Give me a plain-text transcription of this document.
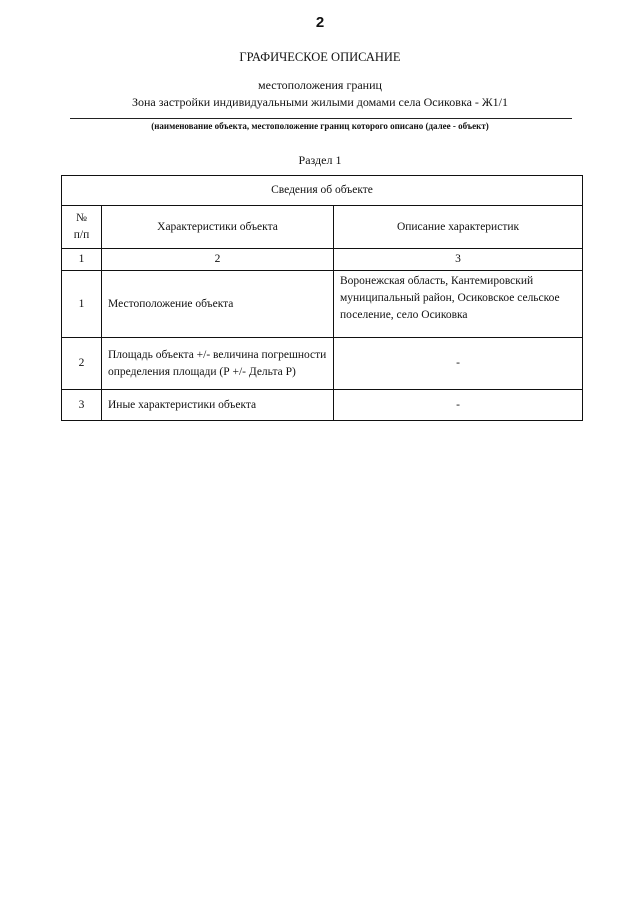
2
ГРАФИЧЕСКОЕ ОПИСАНИЕ
местоположения границ
Зона застройки индивидуальными жилыми домами села Осиковка - Ж1/1
(наименование объекта, местоположение границ которого описано (далее - объект)
Раздел 1
Сведения об объекте		

№
п/п	Характеристики объекта	Описание характеристик
1	2	3
1	Местоположение объекта	Воронежская область, Кантемировский муниципальный район, Осиковское сельское поселение, село Осиковка
2	Площадь объекта +/- величина погрешности определения площади (Р +/- Дельта Р)	-
3	Иные характеристики объекта	-
